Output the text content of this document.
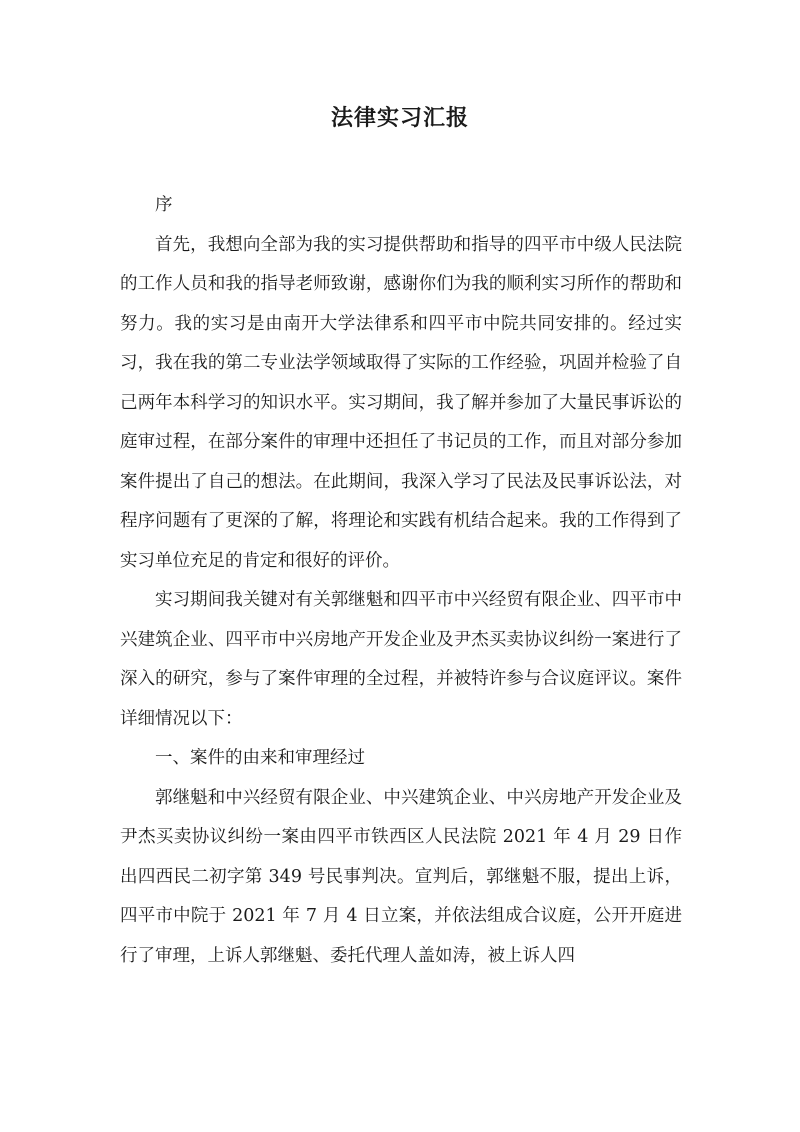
法律实习汇报

序

首先，我想向全部为我的实习提供帮助和指导的四平市中级人民法院的工作人员和我的指导老师致谢，感谢你们为我的顺利实习所作的帮助和努力。我的实习是由南开大学法律系和四平市中院共同安排的。经过实习，我在我的第二专业法学领域取得了实际的工作经验，巩固并检验了自己两年本科学习的知识水平。实习期间，我了解并参加了大量民事诉讼的庭审过程，在部分案件的审理中还担任了书记员的工作，而且对部分参加案件提出了自己的想法。在此期间，我深入学习了民法及民事诉讼法，对程序问题有了更深的了解，将理论和实践有机结合起来。我的工作得到了实习单位充足的肯定和很好的评价。

实习期间我关键对有关郭继魁和四平市中兴经贸有限企业、四平市中兴建筑企业、四平市中兴房地产开发企业及尹杰买卖协议纠纷一案进行了深入的研究，参与了案件审理的全过程，并被特许参与合议庭评议。案件详细情况以下：

一、案件的由来和审理经过

郭继魁和中兴经贸有限企业、中兴建筑企业、中兴房地产开发企业及尹杰买卖协议纠纷一案由四平市铁西区人民法院 2021 年 4 月 29 日作出四西民二初字第 349 号民事判决。宣判后，郭继魁不服，提出上诉，四平市中院于 2021 年 7 月 4 日立案，并依法组成合议庭，公开开庭进行了审理，上诉人郭继魁、委托代理人盖如涛，被上诉人四
